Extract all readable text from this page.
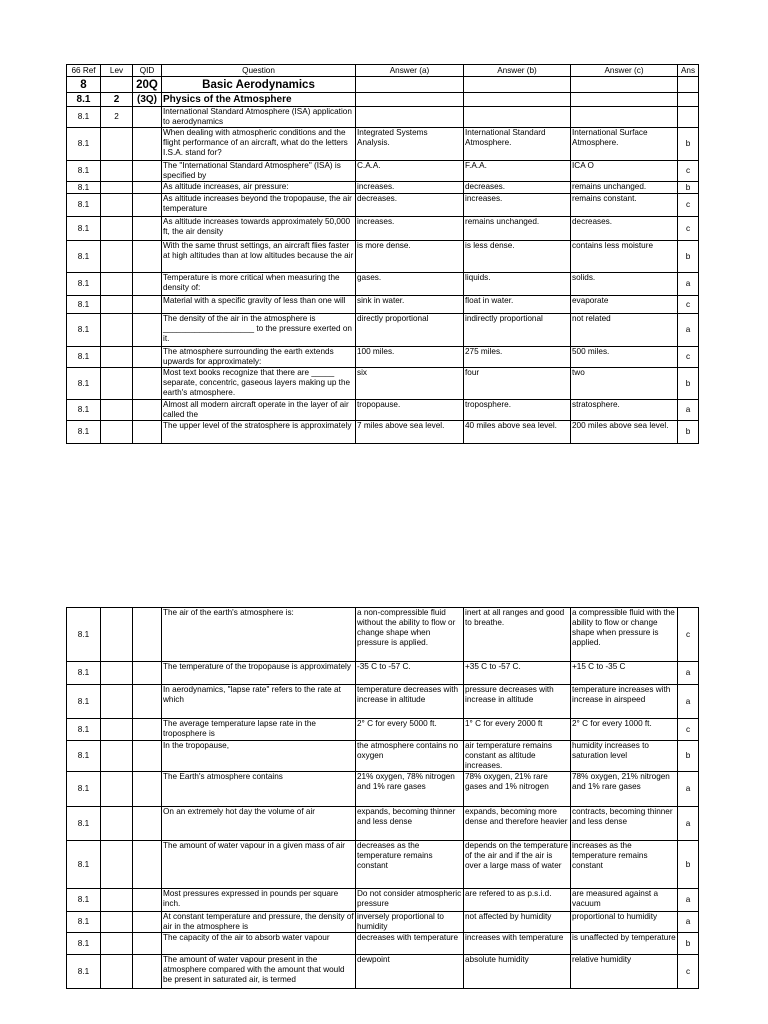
66 Ref	Lev	QID	Question	Answer (a)	Answer (b)	Answer (c)	Ans
8		20Q	Basic Aerodynamics				
8.1	2	(3Q)	Physics of the Atmosphere				
8.1	2		International Standard Atmosphere (ISA) application to aerodynamics				
8.1			When dealing with atmospheric conditions and the flight performance of an aircraft, what do the letters I.S.A. stand for?	Integrated Systems Analysis.	International Standard Atmosphere.	International Surface Atmosphere.	b
8.1			The "International Standard Atmosphere" (ISA) is specified by	C.A.A.	F.A.A.	ICA O	c
8.1			As altitude increases, air pressure:	increases.	decreases.	remains unchanged.	b
8.1			As altitude increases beyond the tropopause, the air temperature	decreases.	increases.	remains constant.	c
8.1			As altitude increases towards approximately 50,000 ft, the air density	increases.	remains unchanged.	decreases.	c
8.1			With the same thrust settings, an aircraft flies faster at high altitudes than at low altitudes because the air	is more dense.	is less dense.	contains less moisture	b
8.1			Temperature is more critical when measuring the density of:	gases.	liquids.	solids.	a
8.1			Material with a specific gravity of less than one will	sink in water.	float in water.	evaporate	c
8.1			The density of the air in the atmosphere is ____________________ to the pressure exerted on it.	directly proportional	indirectly proportional	not related	a
8.1			The atmosphere surrounding the earth extends upwards for approximately:	100 miles.	275 miles.	500 miles.	c
8.1			Most text books recognize that there are _____ separate, concentric, gaseous layers making up the earth's atmosphere.	six	four	two	b
8.1			Almost all modern aircraft operate in the layer of air called the	tropopause.	troposphere.	stratosphere.	a
8.1			The upper level of the stratosphere is approximately	7 miles above sea level.	40 miles above sea level.	200 miles above sea level.	b
8.1			The air of the earth's atmosphere is:	a non-compressible fluid without the ability to flow or change shape when pressure is applied.	inert at all ranges and good to breathe.	a compressible fluid with the ability to flow or change shape when pressure is applied.	c
8.1			The temperature of the tropopause is approximately	-35 C to -57 C.	+35 C to -57 C.	+15 C to -35 C	a
8.1			In aerodynamics, "lapse rate" refers to the rate at which	temperature decreases with increase in altitude	pressure decreases with increase in altitude	temperature increases with increase in airspeed	a
8.1			The average temperature lapse rate in the troposphere is	2° C for every 5000 ft.	1° C for every 2000 ft	2° C for every 1000 ft.	c
8.1			In the tropopause,	the atmosphere contains no oxygen	air temperature remains constant as altitude increases.	humidity increases to saturation level	b
8.1			The Earth's atmosphere contains	21% oxygen, 78% nitrogen and 1% rare gases	78% oxygen, 21% rare gases and 1% nitrogen	78% oxygen, 21% nitrogen and 1% rare gases	a
8.1			On an extremely hot day the volume of air	expands, becoming thinner and less dense	expands, becoming more dense and therefore heavier	contracts, becoming thinner and less dense	a
8.1			The amount of water vapour in a given mass of air	decreases as the temperature remains constant	depends on the temperature of the air and if the air is over a large mass of water	increases as the temperature remains constant	b
8.1			Most pressures expressed in pounds per square inch.	Do not consider atmospheric pressure	are refered to as p.s.i.d.	are measured against a vacuum	a
8.1			At constant temperature and pressure, the density of air in the atmosphere is	inversely proportional to humidity	not affected by humidity	proportional to humidity	a
8.1			The capacity of the air to absorb water vapour	decreases with temperature	increases with temperature	is unaffected by temperature	b
8.1			The amount of water vapour present in the atmosphere compared with the amount that would be present in saturated air, is termed	dewpoint	absolute humidity	relative humidity	c
